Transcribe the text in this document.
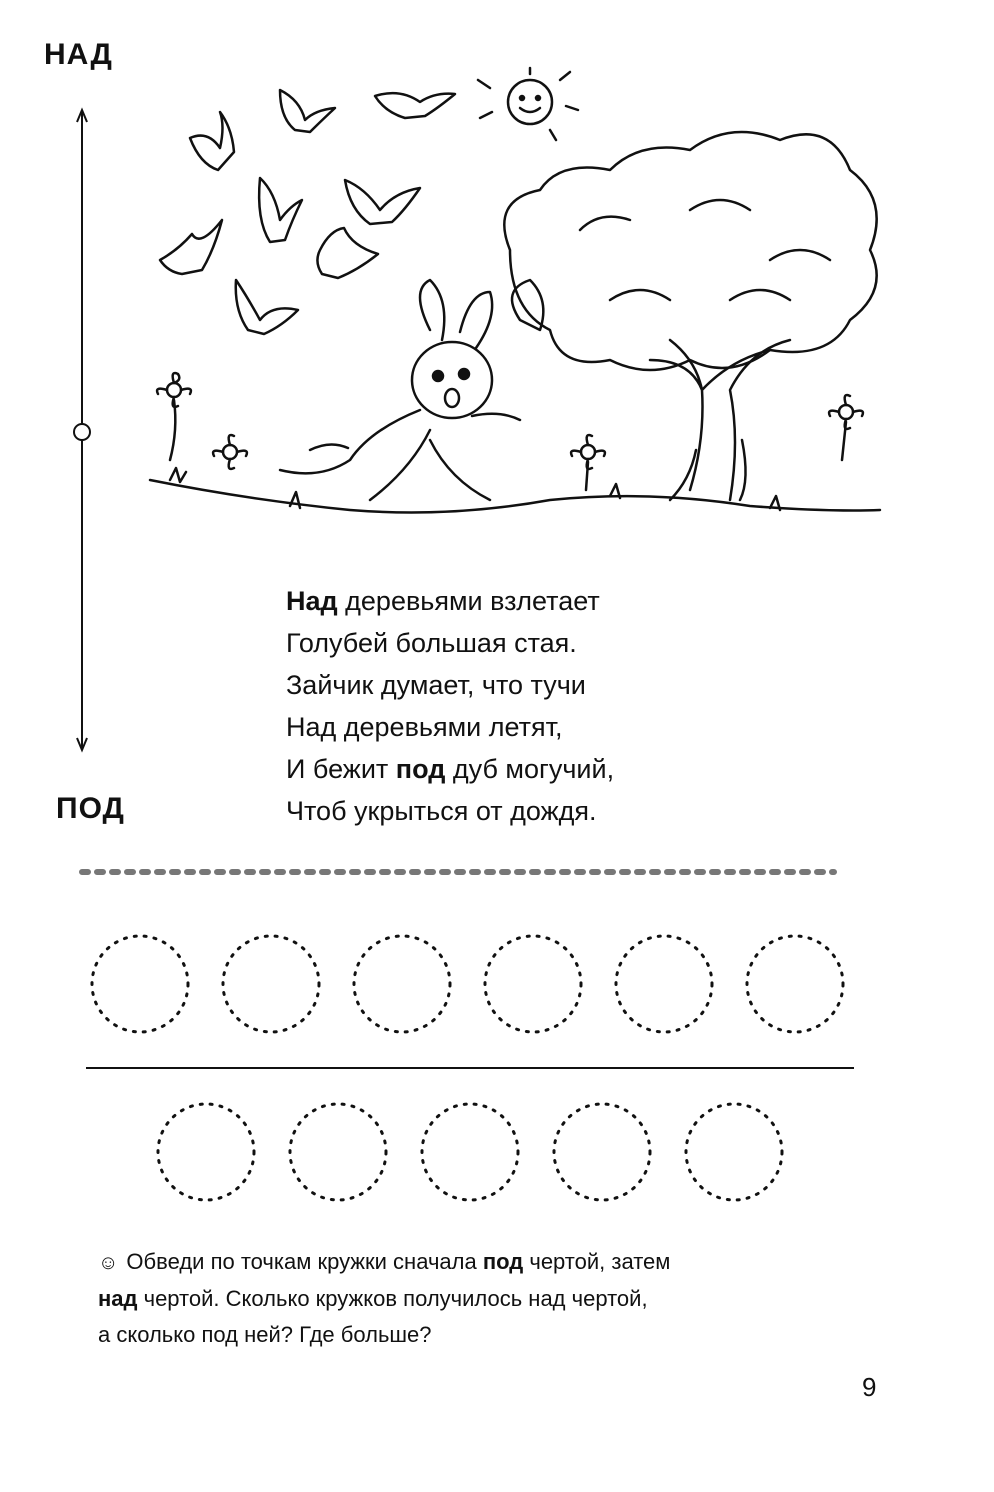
НАД
ПОД
Над деревьями взлетает
Голубей большая стая.
Зайчик думает, что тучи
Над деревьями летят,
И бежит под дуб могучий,
Чтоб укрыться от дождя.
☺ Обведи по точкам кружки сначала под чертой, затем
над чертой. Сколько кружков получилось над чертой,
а сколько под ней? Где больше?
9
